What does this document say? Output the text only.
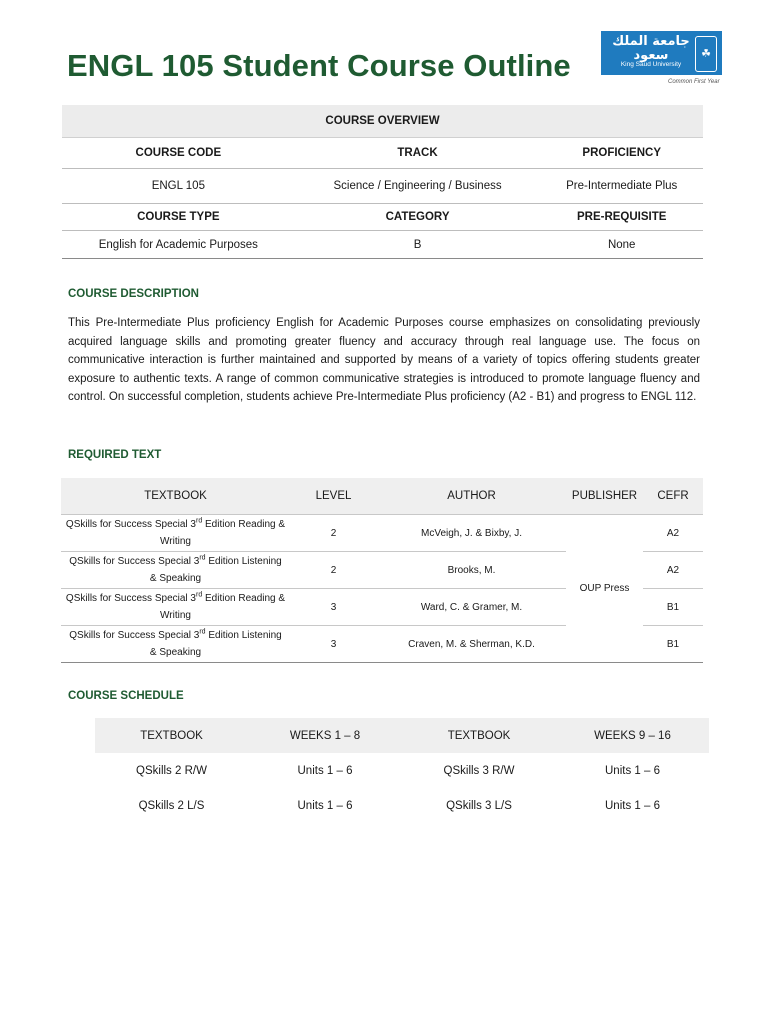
ENGL 105 Student Course Outline
جامعة الملك سعود
King Saud University
☘
Common First Year
COURSE OVERVIEW		
COURSE CODE	TRACK	PROFICIENCY
ENGL 105	Science / Engineering / Business	Pre-Intermediate Plus
COURSE TYPE	CATEGORY	PRE-REQUISITE
English for Academic Purposes	B	None
COURSE DESCRIPTION

This Pre-Intermediate Plus proficiency English for Academic Purposes course emphasizes on consolidating previously acquired language skills and promoting greater fluency and accuracy through real language use. The focus on communicative interaction is further maintained and supported by means of a variety of topics offering students greater exposure to authentic texts. A range of common communicative strategies is introduced to promote language fluency and control. On successful completion, students achieve Pre-Intermediate Plus proficiency (A2 - B1) and progress to ENGL 112.

REQUIRED TEXT
TEXTBOOK	LEVEL	AUTHOR	PUBLISHER	CEFR
QSkills for Success Special 3rd Edition Reading & Writing	2	McVeigh, J. & Bixby, J.	OUP Press	A2
QSkills for Success Special 3rd Edition Listening & Speaking	2	Brooks, M.		A2
QSkills for Success Special 3rd Edition Reading & Writing	3	Ward, C. & Gramer, M.		B1
QSkills for Success Special 3rd Edition Listening & Speaking	3	Craven, M. & Sherman, K.D.		B1
COURSE SCHEDULE
TEXTBOOK	WEEKS 1 – 8	TEXTBOOK	WEEKS 9 – 16
QSkills 2 R/W	Units 1 – 6	QSkills 3 R/W	Units 1 – 6
QSkills 2 L/S	Units 1 – 6	QSkills 3 L/S	Units 1 – 6
